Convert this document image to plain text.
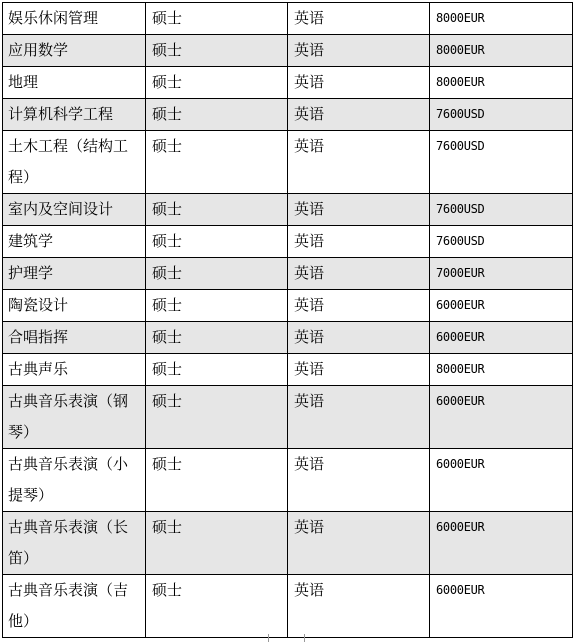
娱乐休闲管理	硕士	英语	8000EUR
应用数学	硕士	英语	8000EUR
地理	硕士	英语	8000EUR
计算机科学工程	硕士	英语	7600USD
土木工程（结构工程）	硕士	英语	7600USD
室内及空间设计	硕士	英语	7600USD
建筑学	硕士	英语	7600USD
护理学	硕士	英语	7000EUR
陶瓷设计	硕士	英语	6000EUR
合唱指挥	硕士	英语	6000EUR
古典声乐	硕士	英语	8000EUR
古典音乐表演（钢琴）	硕士	英语	6000EUR
古典音乐表演（小提琴）	硕士	英语	6000EUR
古典音乐表演（长笛）	硕士	英语	6000EUR
古典音乐表演（吉他）	硕士	英语	6000EUR
